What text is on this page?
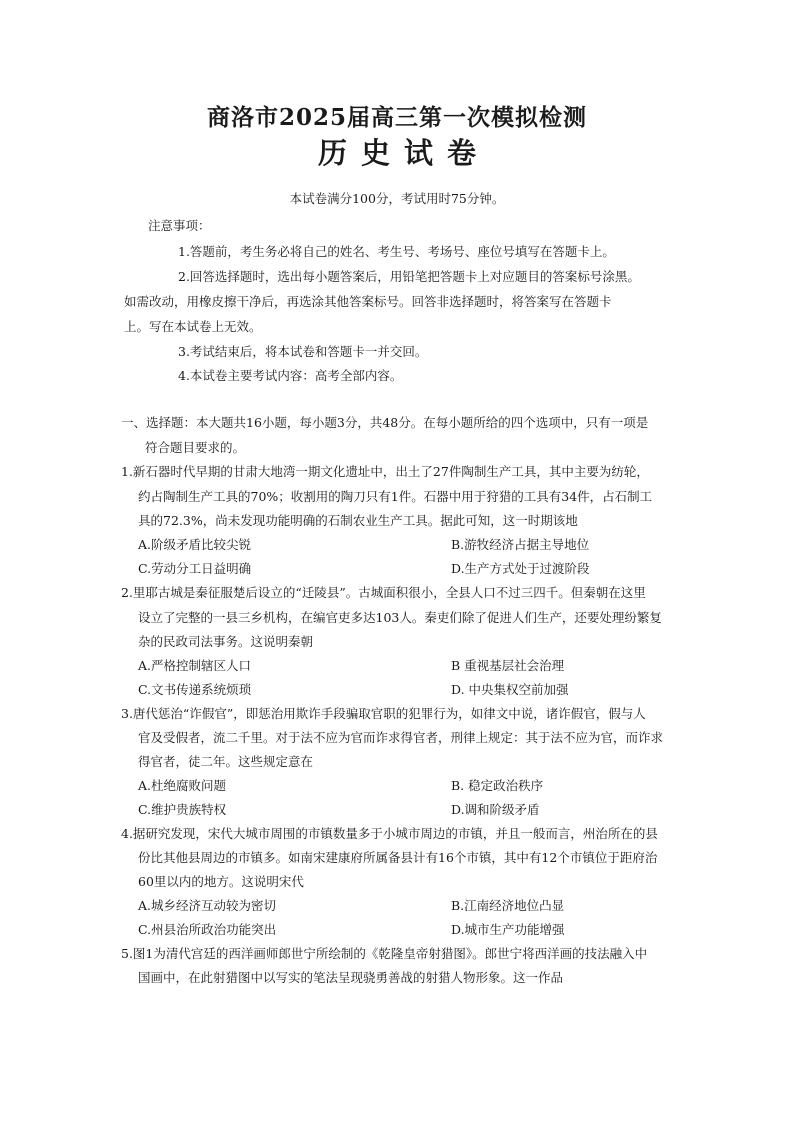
商洛市2025届高三第一次模拟检测
历史试卷
本试卷满分100分，考试用时75分钟。
注意事项：
1.答题前，考生务必将自己的姓名、考生号、考场号、座位号填写在答题卡上。
2.回答选择题时，选出每小题答案后，用铅笔把答题卡上对应题目的答案标号涂黑。
如需改动，用橡皮擦干净后，再选涂其他答案标号。回答非选择题时，将答案写在答题卡
上。写在本试卷上无效。
3.考试结束后，将本试卷和答题卡一并交回。
4.本试卷主要考试内容：高考全部内容。
一、选择题：本大题共16小题，每小题3分，共48分。在每小题所给的四个选项中，只有一项是
符合题目要求的。
1.新石器时代早期的甘肃大地湾一期文化遗址中，出土了27件陶制生产工具，其中主要为纺轮，
约占陶制生产工具的70%；收割用的陶刀只有1件。石器中用于狩猎的工具有34件，占石制工
具的72.3%，尚未发现功能明确的石制农业生产工具。据此可知，这一时期该地
A.阶级矛盾比较尖锐	B.游牧经济占据主导地位
C.劳动分工日益明确	D.生产方式处于过渡阶段
2.里耶古城是秦征服楚后设立的“迁陵县”。古城面积很小，全县人口不过三四千。但秦朝在这里
设立了完整的一县三乡机构，在编官吏多达103人。秦吏们除了促进人们生产，还要处理纷繁复
杂的民政司法事务。这说明秦朝
A.严格控制辖区人口	B 重视基层社会治理
C.文书传递系统烦琐	D. 中央集权空前加强
3.唐代惩治“诈假官”，即惩治用欺诈手段骗取官职的犯罪行为，如律文中说，诸诈假官，假与人
官及受假者，流二千里。对于法不应为官而诈求得官者，刑律上规定：其于法不应为官，而诈求
得官者，徒二年。这些规定意在
A.杜绝腐败问题	B. 稳定政治秩序
C.维护贵族特权	D.调和阶级矛盾
4.据研究发现，宋代大城市周围的市镇数量多于小城市周边的市镇，并且一般而言，州治所在的县
份比其他县周边的市镇多。如南宋建康府所属备县计有16个市镇，其中有12个市镇位于距府治
60里以内的地方。这说明宋代
A.城乡经济互动较为密切	B.江南经济地位凸显
C.州县治所政治功能突出	D.城市生产功能增强
5.图1为清代宫廷的西洋画师郎世宁所绘制的《乾隆皇帝射猎图》。郎世宁将西洋画的技法融入中
国画中，在此射猎图中以写实的笔法呈现骁勇善战的射猎人物形象。这一作品
